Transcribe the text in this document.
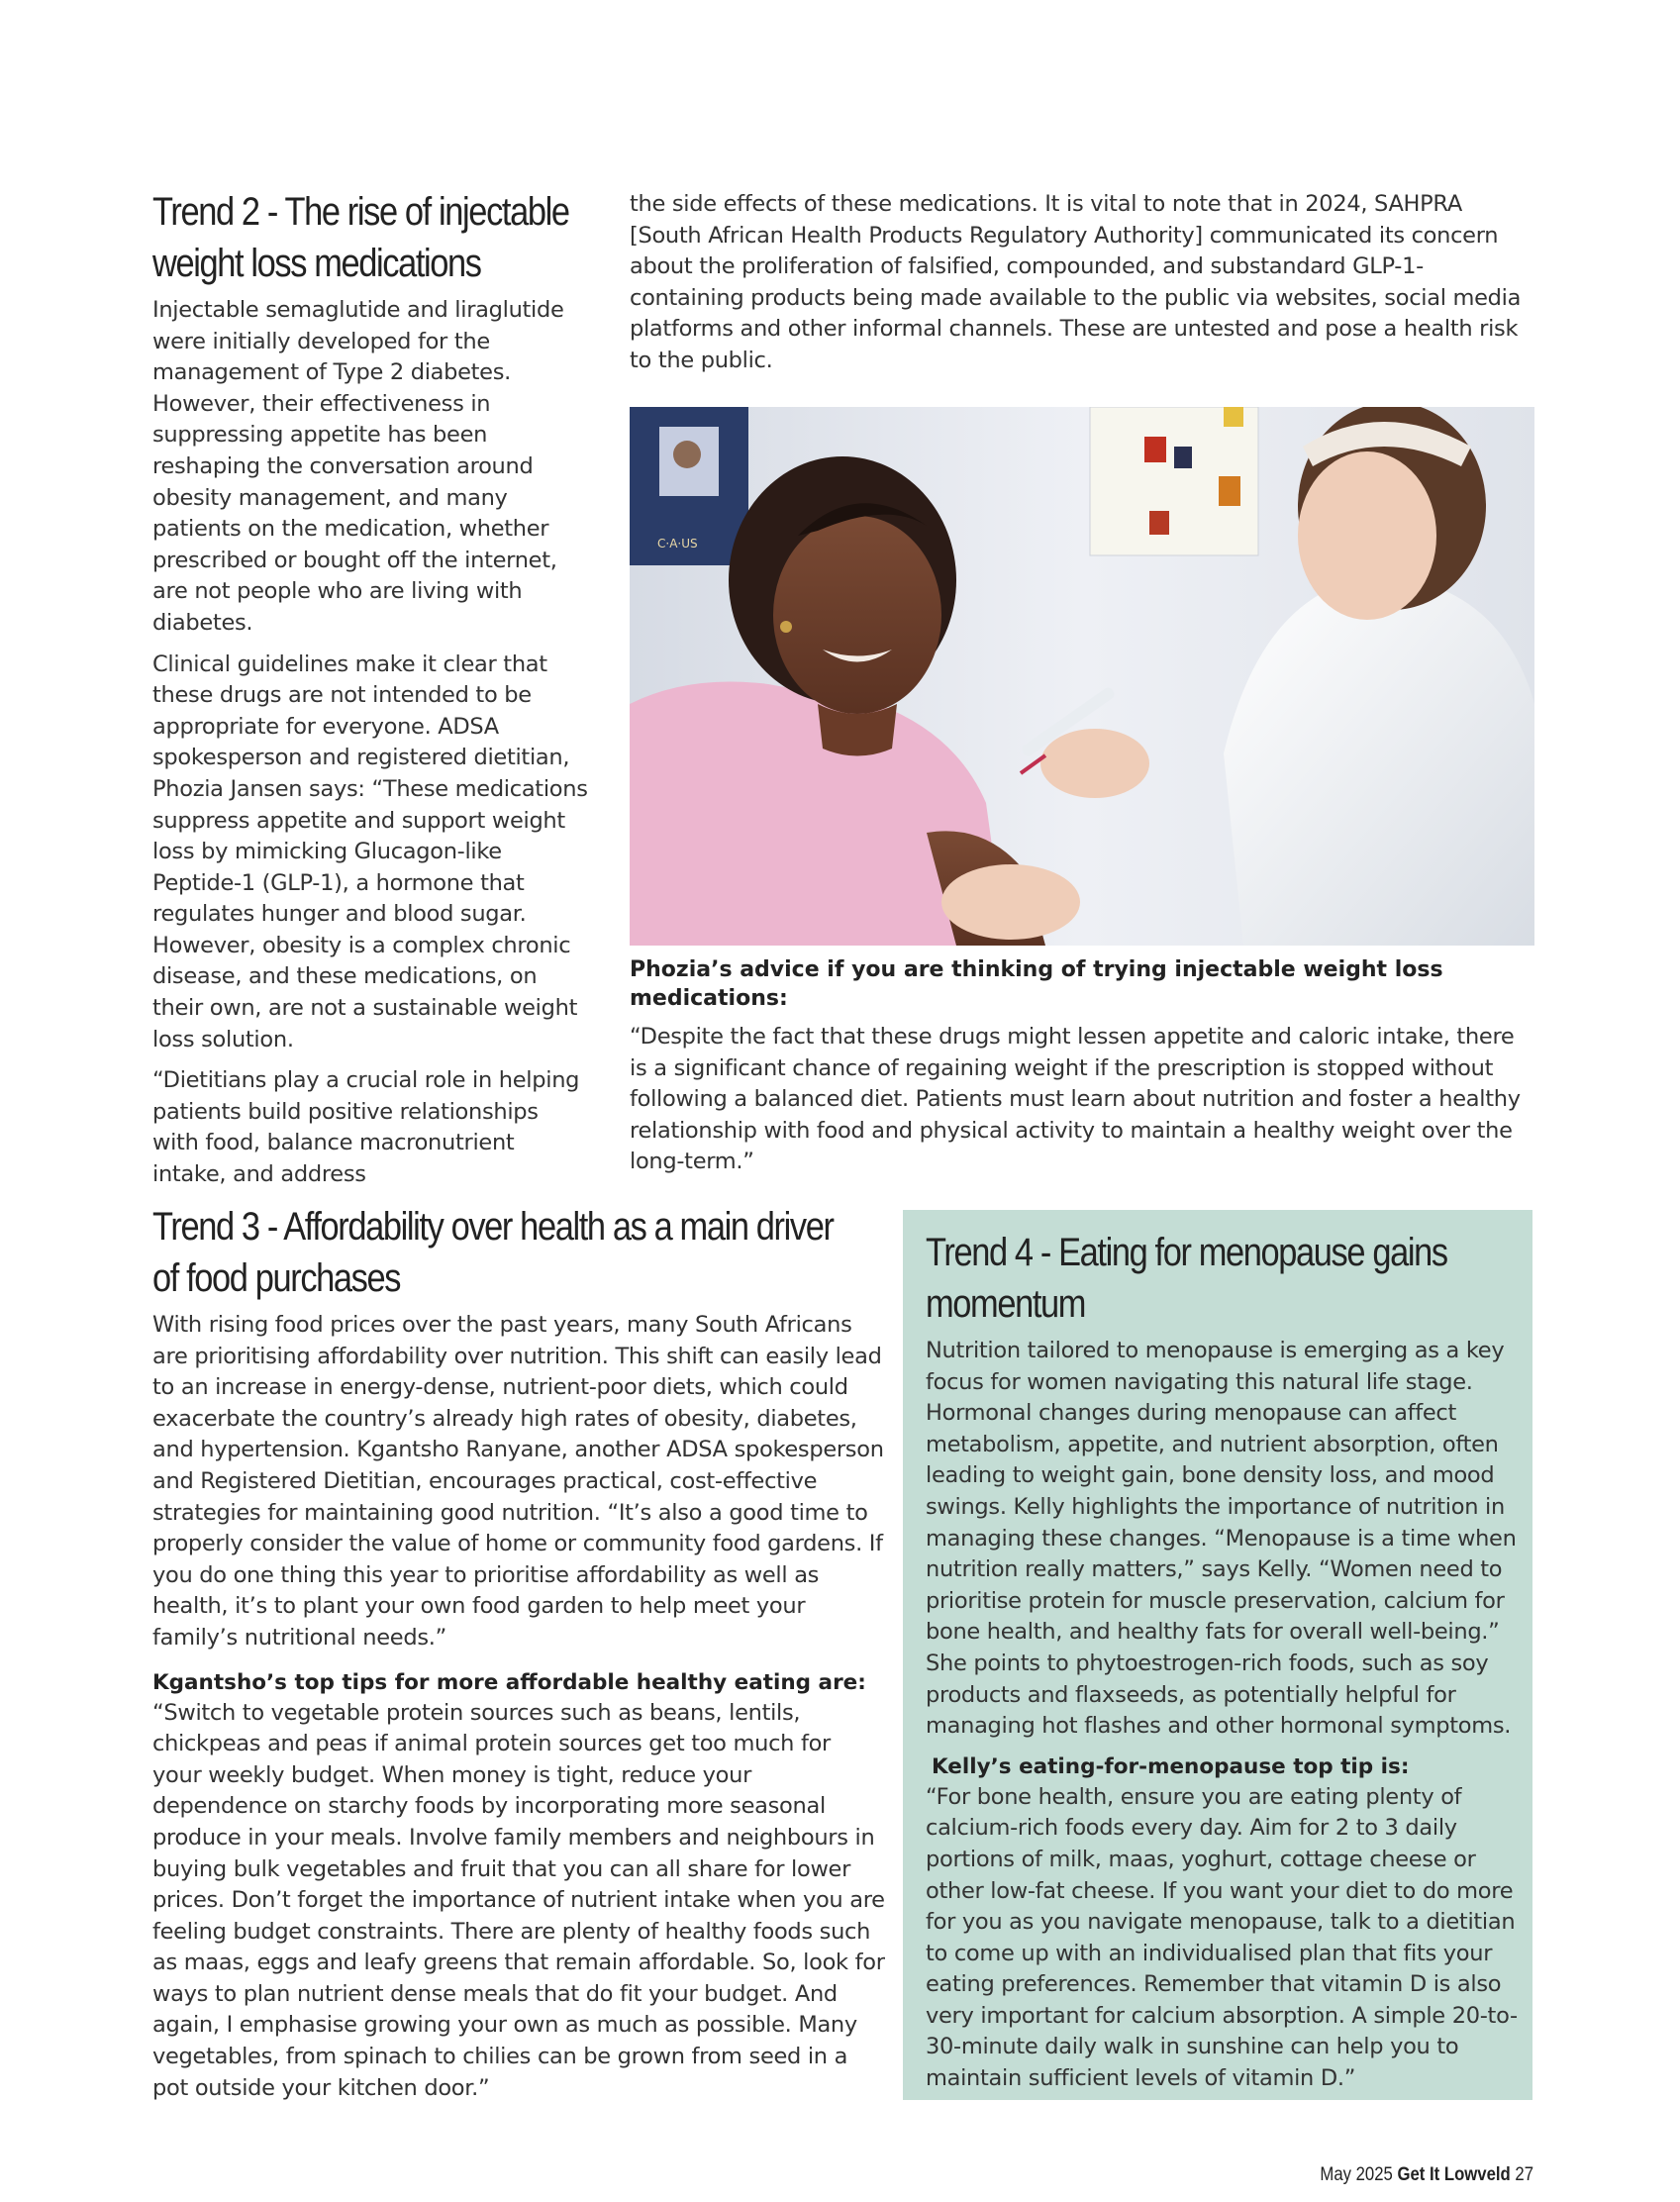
Trend 2 - The rise of injectable weight loss medications

Injectable semaglutide and liraglutide were initially developed for the management of Type 2 diabetes. However, their effectiveness in suppressing appetite has been reshaping the conversation around obesity management, and many patients on the medication, whether prescribed or bought off the internet, are not people who are living with diabetes.

Clinical guidelines make it clear that these drugs are not intended to be appropriate for everyone. ADSA spokesperson and registered dietitian, Phozia Jansen says: “These medications suppress appetite and support weight loss by mimicking Glucagon-like Peptide-1 (GLP-1), a hormone that regulates hunger and blood sugar. However, obesity is a complex chronic disease, and these medications, on their own, are not a sustainable weight loss solution.

“Dietitians play a crucial role in helping patients build positive relationships with food, balance macronutrient intake, and address

the side effects of these medications. It is vital to note that in 2024, SAHPRA [South African Health Products Regulatory Authority] communicated its concern about the proliferation of falsified, compounded, and substandard GLP-1-containing products being made available to the public via websites, social media platforms and other informal channels. These are untested and pose a health risk to the public.

C·A·US

Phozia’s advice if you are thinking of trying injectable weight loss medications:

“Despite the fact that these drugs might lessen appetite and caloric intake, there is a significant chance of regaining weight if the prescription is stopped without following a balanced diet. Patients must learn about nutrition and foster a healthy relationship with food and physical activity to maintain a healthy weight over the long-term.”

Trend 3 - Affordability over health as a main driver of food purchases

With rising food prices over the past years, many South Africans are prioritising affordability over nutrition. This shift can easily lead to an increase in energy-dense, nutrient-poor diets, which could exacerbate the country’s already high rates of obesity, diabetes, and hypertension. Kgantsho Ranyane, another ADSA spokesperson and Registered Dietitian, encourages practical, cost-effective strategies for maintaining good nutrition. “It’s also a good time to properly consider the value of home or community food gardens. If you do one thing this year to prioritise affordability as well as health, it’s to plant your own food garden to help meet your family’s nutritional needs.”

Kgantsho’s top tips for more affordable healthy eating are:

“Switch to vegetable protein sources such as beans, lentils, chickpeas and peas if animal protein sources get too much for your weekly budget. When money is tight, reduce your dependence on starchy foods by incorporating more seasonal produce in your meals. Involve family members and neighbours in buying bulk vegetables and fruit that you can all share for lower prices. Don’t forget the importance of nutrient intake when you are feeling budget constraints. There are plenty of healthy foods such as maas, eggs and leafy greens that remain affordable. So, look for ways to plan nutrient dense meals that do fit your budget. And again, I emphasise growing your own as much as possible. Many vegetables, from spinach to chilies can be grown from seed in a pot outside your kitchen door.”

Trend 4 - Eating for menopause gains momentum

Nutrition tailored to menopause is emerging as a key focus for women navigating this natural life stage. Hormonal changes during menopause can affect metabolism, appetite, and nutrient absorption, often leading to weight gain, bone density loss, and mood swings. Kelly highlights the importance of nutrition in managing these changes. “Menopause is a time when nutrition really matters,” says Kelly. “Women need to prioritise protein for muscle preservation, calcium for bone health, and healthy fats for overall well-being.” She points to phytoestrogen-rich foods, such as soy products and flaxseeds, as potentially helpful for managing hot flashes and other hormonal symptoms.

Kelly’s eating-for-menopause top tip is:

“For bone health, ensure you are eating plenty of calcium-rich foods every day. Aim for 2 to 3 daily portions of milk, maas, yoghurt, cottage cheese or other low-fat cheese. If you want your diet to do more for you as you navigate menopause, talk to a dietitian to come up with an individualised plan that fits your eating preferences. Remember that vitamin D is also very important for calcium absorption. A simple 20-to-30-minute daily walk in sunshine can help you to maintain sufficient levels of vitamin D.”

May 2025 Get It Lowveld 27
